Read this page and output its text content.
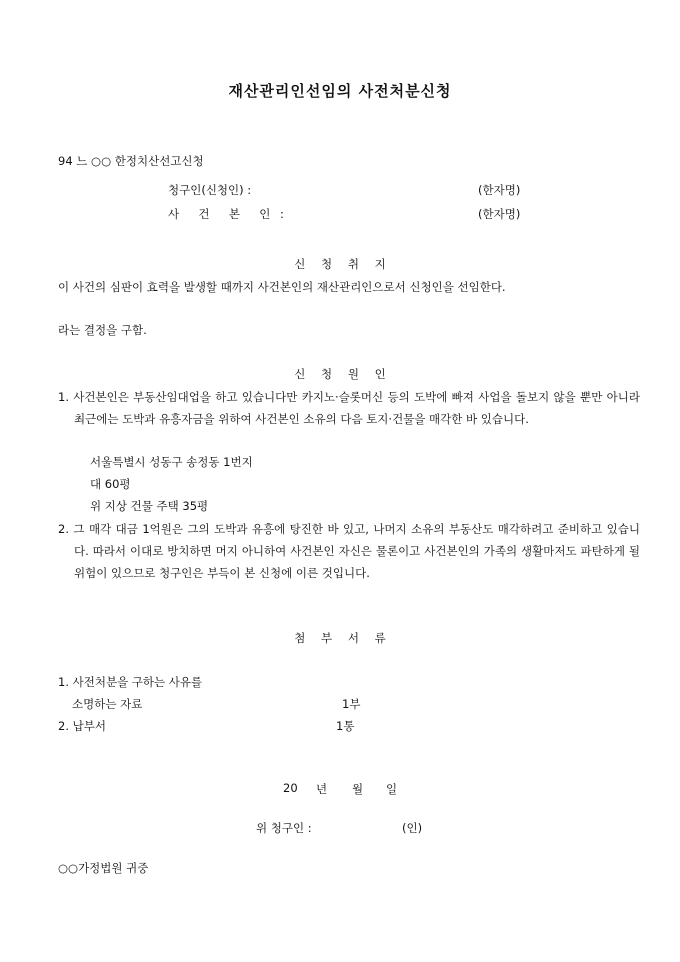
재산관리인선임의 사전처분신청
94 느 ○○ 한정치산선고신청
청구인(신청인) :	(한자명)
사  건  본  인 :	(한자명)
신 청 취 지
이 사건의 심판이 효력을 발생할 때까지 사건본인의 재산관리인으로서 신청인을 선임한다.
라는 결정을 구함.
신 청 원 인
1. 사건본인은 부동산임대업을 하고 있습니다만 카지노·슬롯머신 등의 도박에 빠져 사업을 돌보지 않을 뿐만 아니라 최근에는 도박과 유흥자금을 위하여 사건본인 소유의 다음 토지·건물을 매각한 바 있습니다.
서울특별시 성동구 송정동 1번지
대 60평
위 지상 건물 주택 35평
2. 그 매각 대금 1억원은 그의 도박과 유흥에 탕진한 바 있고, 나머지 소유의 부동산도 매각하려고 준비하고 있습니다. 따라서 이대로 방치하면 머지 아니하여 사건본인 자신은 물론이고 사건본인의 가족의 생활마저도 파탄하게 될 위험이 있으므로 청구인은 부득이 본 신청에 이른 것입니다.
첨 부 서 류
1. 사전처분을 구하는 사유를
소명하는 자료	1부
2. 납부서	1통
20 년 월 일
위 청구인 :	(인)
○○가정법원 귀중
